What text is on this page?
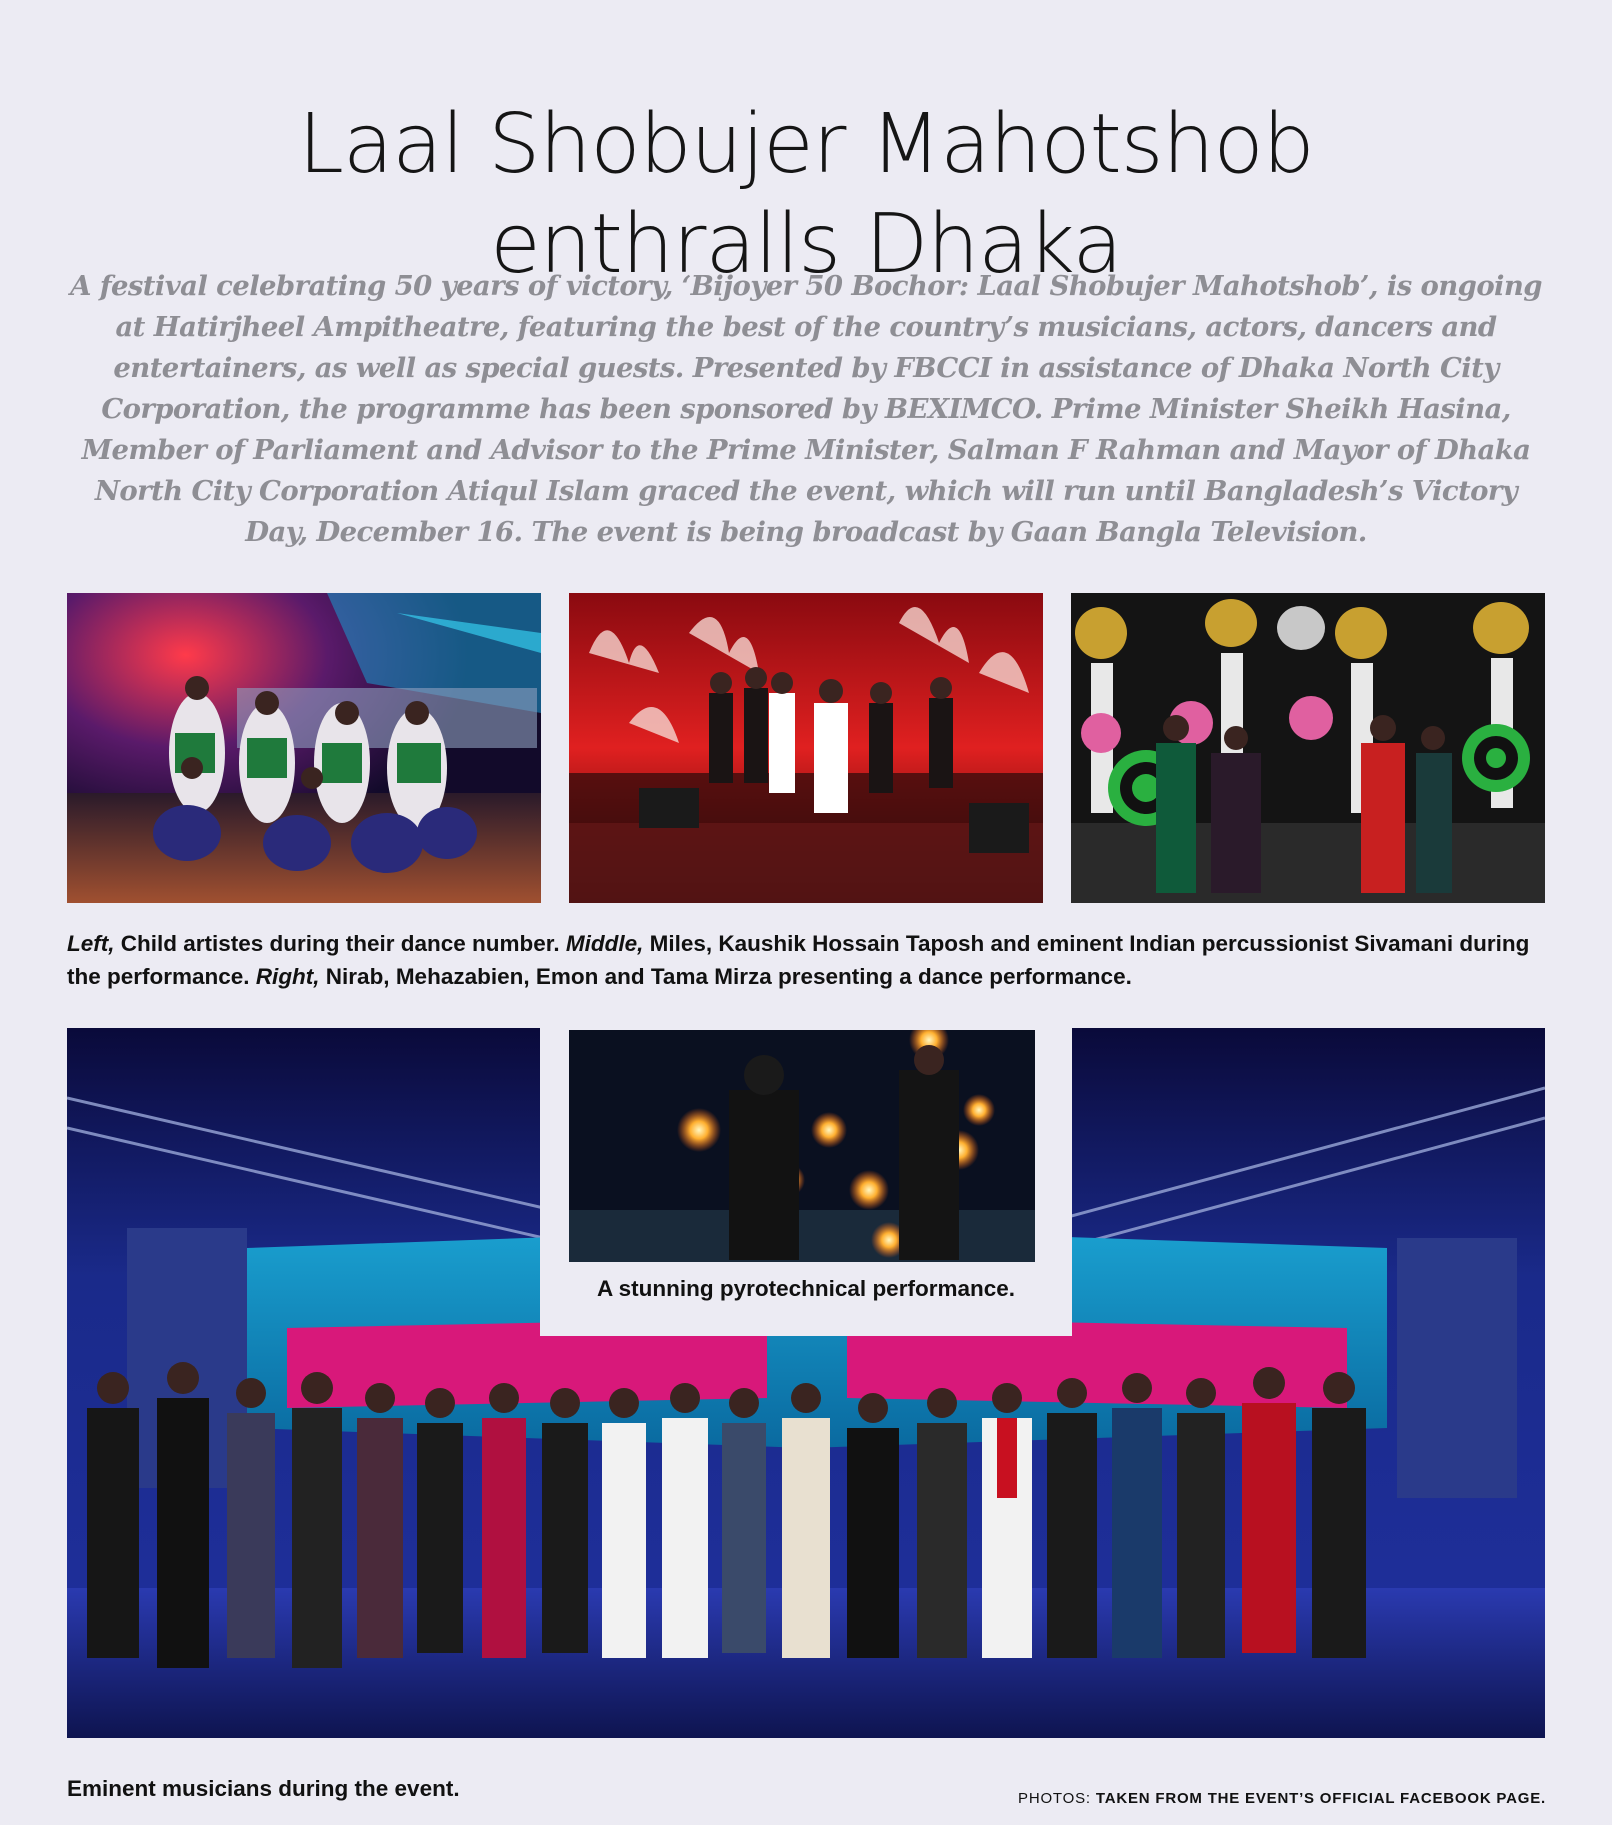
Laal Shobujer Mahotshob
enthralls Dhaka

A festival celebrating 50 years of victory, ‘Bijoyer 50 Bochor: Laal Shobujer Mahotshob’, is ongoing at Hatirjheel Ampitheatre, featuring the best of the country’s musicians, actors, dancers and entertainers, as well as special guests. Presented by FBCCI in assistance of Dhaka North City Corporation, the programme has been sponsored by BEXIMCO. Prime Minister Sheikh Hasina, Member of Parliament and Advisor to the Prime Minister, Salman F Rahman and Mayor of Dhaka North City Corporation Atiqul Islam graced the event, which will run until Bangladesh’s Victory Day, December 16. The event is being broadcast by Gaan Bangla Television.

Left, Child artistes during their dance number. Middle, Miles, Kaushik Hossain Taposh and eminent Indian percussionist Sivamani during the performance. Right, Nirab, Mehazabien, Emon and Tama Mirza presenting a dance performance.

A stunning pyrotechnical performance.
Eminent musicians during the event.	PHOTOS: TAKEN FROM THE EVENT’S OFFICIAL FACEBOOK PAGE.
